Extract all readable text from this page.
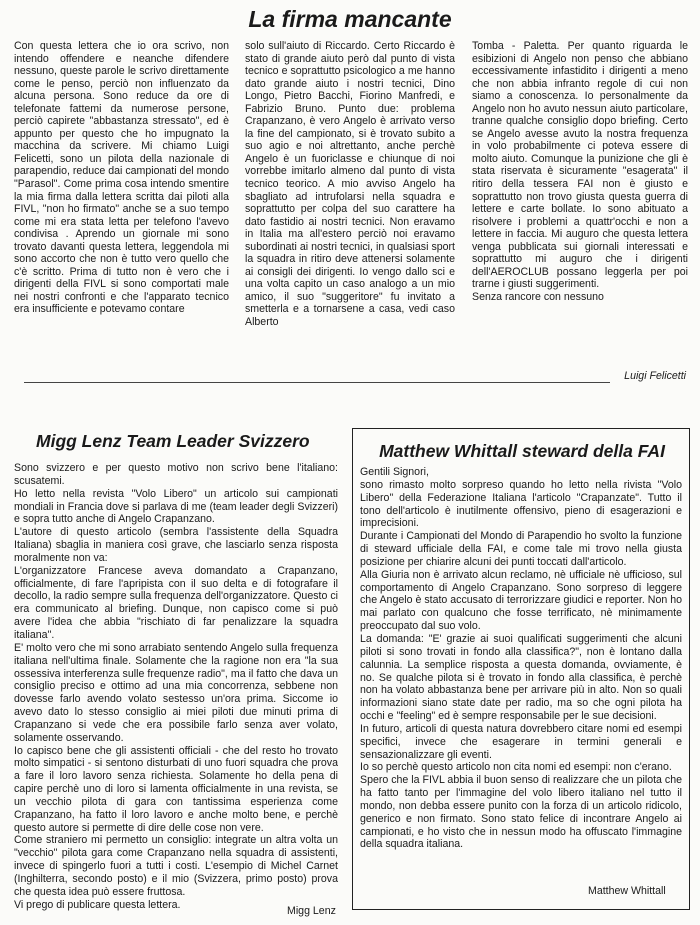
La firma mancante

Con questa lettera che io ora scrivo, non intendo offendere e neanche difendere nessuno, queste parole le scrivo direttamente come le penso, perciò non influenzato da alcuna persona. Sono reduce da ore di telefonate fattemi da numerose persone, perciò capirete "abbastanza stressato", ed è appunto per questo che ho impugnato la macchina da scrivere. Mi chiamo Luigi Felicetti, sono un pilota della nazionale di parapendio, reduce dai campionati del mondo "Parasol". Come prima cosa intendo smentire la mia firma dalla lettera scritta dai piloti alla FIVL, "non ho firmato" anche se a suo tempo come mi era stata letta per telefono l'avevo condivisa . Aprendo un giornale mi sono trovato davanti questa lettera, leggendola mi sono accorto che non è tutto vero quello che c'è scritto. Prima di tutto non è vero che i dirigenti della FIVL si sono comportati male nei nostri confronti e che l'apparato tecnico era insufficiente e potevamo contare

solo sull'aiuto di Riccardo. Certo Riccardo è stato di grande aiuto però dal punto di vista tecnico e soprattutto psicologico a me hanno dato grande aiuto i nostri tecnici, Dino Longo, Pietro Bacchi, Fiorino Manfredi, e Fabrizio Bruno. Punto due: problema Crapanzano, è vero Angelo è arrivato verso la fine del campionato, si è trovato subito a suo agio e noi altrettanto, anche perchè Angelo è un fuoriclasse e chiunque di noi vorrebbe imitarlo almeno dal punto di vista tecnico teorico. A mio avviso Angelo ha sbagliato ad intrufolarsi nella squadra e soprattutto per colpa del suo carattere ha dato fastidio ai nostri tecnici. Non eravamo in Italia ma all'estero perciò noi eravamo subordinati ai nostri tecnici, in qualsiasi sport la squadra in ritiro deve attenersi solamente ai consigli dei dirigenti. Io vengo dallo sci e una volta capito un caso analogo a un mio amico, il suo "suggeritore" fu invitato a smetterla e a tornarsene a casa, vedi caso Alberto

Tomba - Paletta. Per quanto riguarda le esibizioni di Angelo non penso che abbiano eccessivamente infastidito i dirigenti a meno che non abbia infranto regole di cui non siamo a conoscenza. Io personalmente da Angelo non ho avuto nessun aiuto particolare, tranne qualche consiglio dopo briefing. Certo se Angelo avesse avuto la nostra frequenza in volo probabilmente ci poteva essere di molto aiuto. Comunque la punizione che gli è stata riservata è sicuramente "esagerata" il ritiro della tessera FAI non è giusto e soprattutto non trovo giusta questa guerra di lettere e carte bollate. Io sono abituato a risolvere i problemi a quattr'occhi e non a lettere in faccia. Mi auguro che questa lettera venga pubblicata sui giornali interessati e soprattutto mi auguro che i dirigenti dell'AEROCLUB possano leggerla per poi trarne i giusti suggerimenti.

Senza rancore con nessuno

Luigi Felicetti
Migg Lenz Team Leader Svizzero

Sono svizzero e per questo motivo non scrivo bene l'italiano: scusatemi.

Ho letto nella revista "Volo Libero" un articolo sui campionati mondiali in Francia dove si parlava di me (team leader degli Svizzeri) e sopra tutto anche di Angelo Crapanzano.

L'autore di questo articolo (sembra l'assistente della Squadra Italiana) sbaglia in maniera così grave, che lasciarlo senza risposta moralmente non va:

L'organizzatore Francese aveva domandato a Crapanzano, officialmente, di fare l'apripista con il suo delta e di fotografare il decollo, la radio sempre sulla frequenza dell'organizzatore. Questo ci era communicato al briefing. Dunque, non capisco come si può avere l'idea che abbia "rischiato di far penalizzare la squadra italiana".

E' molto vero che mi sono arrabiato sentendo Angelo sulla frequenza italiana nell'ultima finale. Solamente che la ragione non era "la sua ossessiva interferenza sulle frequenze radio", ma il fatto che dava un consiglio preciso e ottimo ad una mia concorrenza, sebbene non dovesse farlo avendo volato sestesso un'ora prima. Siccome io avevo dato lo stesso consiglio ai miei piloti due minuti prima di Crapanzano si vede che era possibile farlo senza aver volato, solamente osservando.

Io capisco bene che gli assistenti officiali - che del resto ho trovato molto simpatici - si sentono disturbati di uno fuori squadra che prova a fare il loro lavoro senza richiesta. Solamente ho della pena di capire perchè uno di loro si lamenta officialmente in una revista, se un vecchio pilota di gara con tantissima esperienza come Crapanzano, ha fatto il loro lavoro e anche molto bene, e perchè questo autore si permette di dire delle cose non vere.

Come straniero mi permetto un consiglio: integrate un altra volta un "vecchio" pilota gara come Crapanzano nella squadra di assistenti, invece di spingerlo fuori a tutti i costi. L'esempio di Michel Carnet (Inghilterra, secondo posto) e il mio (Svizzera, primo posto) prova che questa idea può essere fruttosa.

Vi prego di publicare questa lettera.

Migg Lenz
Matthew Whittall steward della FAI

Gentili Signori,

sono rimasto molto sorpreso quando ho letto nella rivista "Volo Libero" della Federazione Italiana l'articolo "Crapanzate". Tutto il tono dell'articolo è inutilmente offensivo, pieno di esagerazioni e imprecisioni.

Durante i Campionati del Mondo di Parapendio ho svolto la funzione di steward ufficiale della FAI, e come tale mi trovo nella giusta posizione per chiarire alcuni dei punti toccati dall'articolo.

Alla Giuria non è arrivato alcun reclamo, nè ufficiale nè ufficioso, sul comportamento di Angelo Crapanzano. Sono sorpreso di leggere che Angelo è stato accusato di terrorizzare giudici e reporter. Non ho mai parlato con qualcuno che fosse terrificato, nè minimamente preoccupato dal suo volo.

La domanda: "E' grazie ai suoi qualificati suggerimenti che alcuni piloti si sono trovati in fondo alla classifica?", non è lontano dalla calunnia. La semplice risposta a questa domanda, ovviamente, è no. Se qualche pilota si è trovato in fondo alla classifica, è perchè non ha volato abbastanza bene per arrivare più in alto. Non so quali informazioni siano state date per radio, ma so che ogni pilota ha occhi e "feeling" ed è sempre responsabile per le sue decisioni.

In futuro, articoli di questa natura dovrebbero citare nomi ed esempi specifici, invece che esagerare in termini generali e sensazionalizzare gli eventi.

Io so perchè questo articolo non cita nomi ed esempi: non c'erano.

Spero che la FIVL abbia il buon senso di realizzare che un pilota che ha fatto tanto per l'immagine del volo libero italiano nel tutto il mondo, non debba essere punito con la forza di un articolo ridicolo, generico e non firmato. Sono stato felice di incontrare Angelo ai campionati, e ho visto che in nessun modo ha offuscato l'immagine della squadra italiana.

Matthew Whittall
